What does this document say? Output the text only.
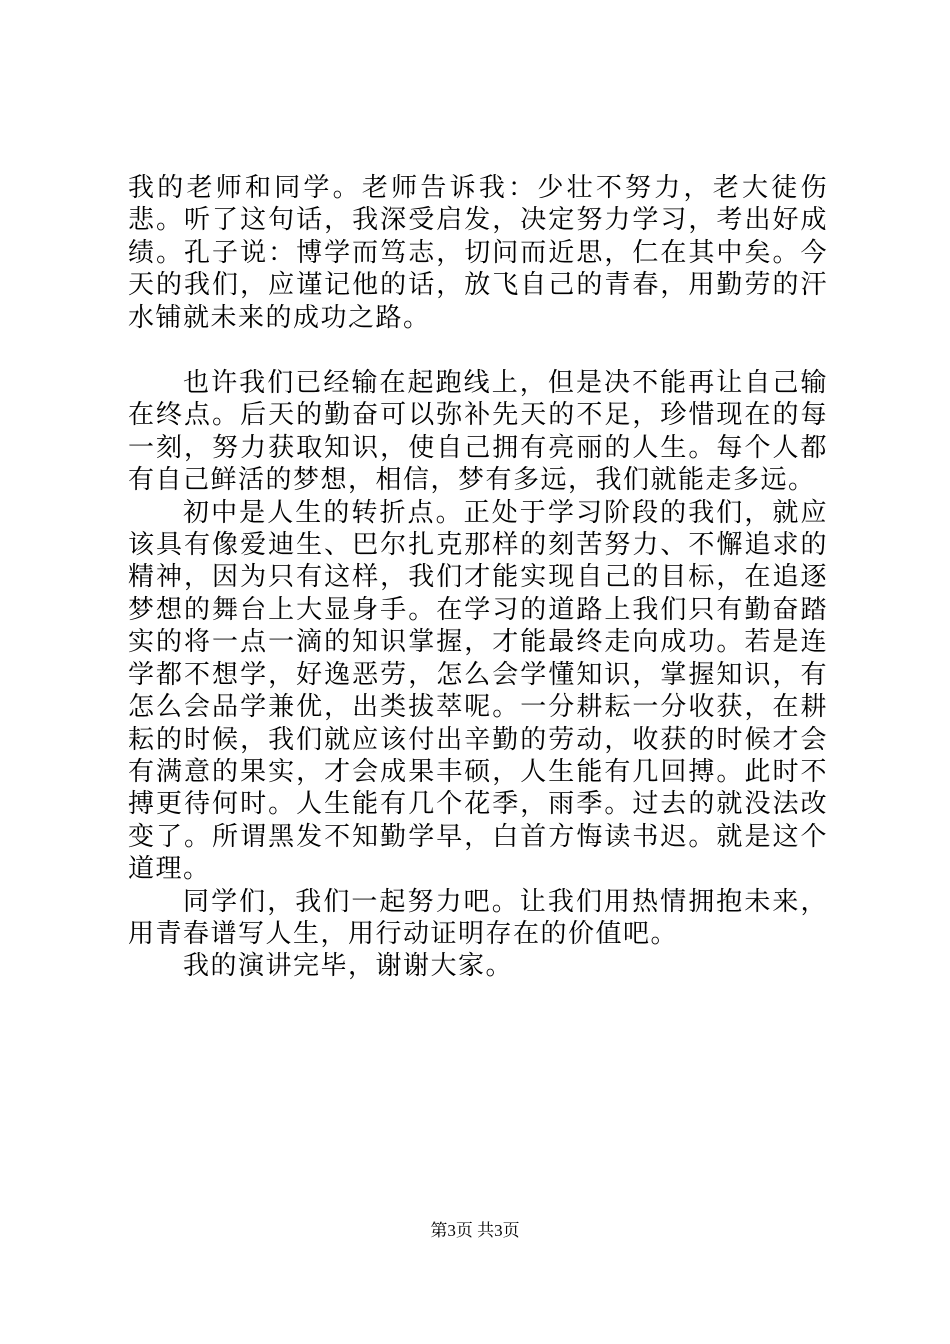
我的老师和同学。老师告诉我：少壮不努力，老大徒伤悲。听了这句话，我深受启发，决定努力学习，考出好成绩。孔子说：博学而笃志，切问而近思，仁在其中矣。今天的我们，应谨记他的话，放飞自己的青春，用勤劳的汗水铺就未来的成功之路。

也许我们已经输在起跑线上，但是决不能再让自己输在终点。后天的勤奋可以弥补先天的不足，珍惜现在的每一刻，努力获取知识，使自己拥有亮丽的人生。每个人都有自己鲜活的梦想，相信，梦有多远，我们就能走多远。

初中是人生的转折点。正处于学习阶段的我们，就应该具有像爱迪生、巴尔扎克那样的刻苦努力、不懈追求的精神，因为只有这样，我们才能实现自己的目标，在追逐梦想的舞台上大显身手。在学习的道路上我们只有勤奋踏实的将一点一滴的知识掌握，才能最终走向成功。若是连学都不想学，好逸恶劳，怎么会学懂知识，掌握知识，有怎么会品学兼优，出类拔萃呢。一分耕耘一分收获，在耕耘的时候，我们就应该付出辛勤的劳动，收获的时候才会有满意的果实，才会成果丰硕，人生能有几回搏。此时不搏更待何时。人生能有几个花季，雨季。过去的就没法改变了。所谓黑发不知勤学早，白首方悔读书迟。就是这个道理。

同学们，我们一起努力吧。让我们用热情拥抱未来，用青春谱写人生，用行动证明存在的价值吧。

我的演讲完毕，谢谢大家。

第3页 共3页
